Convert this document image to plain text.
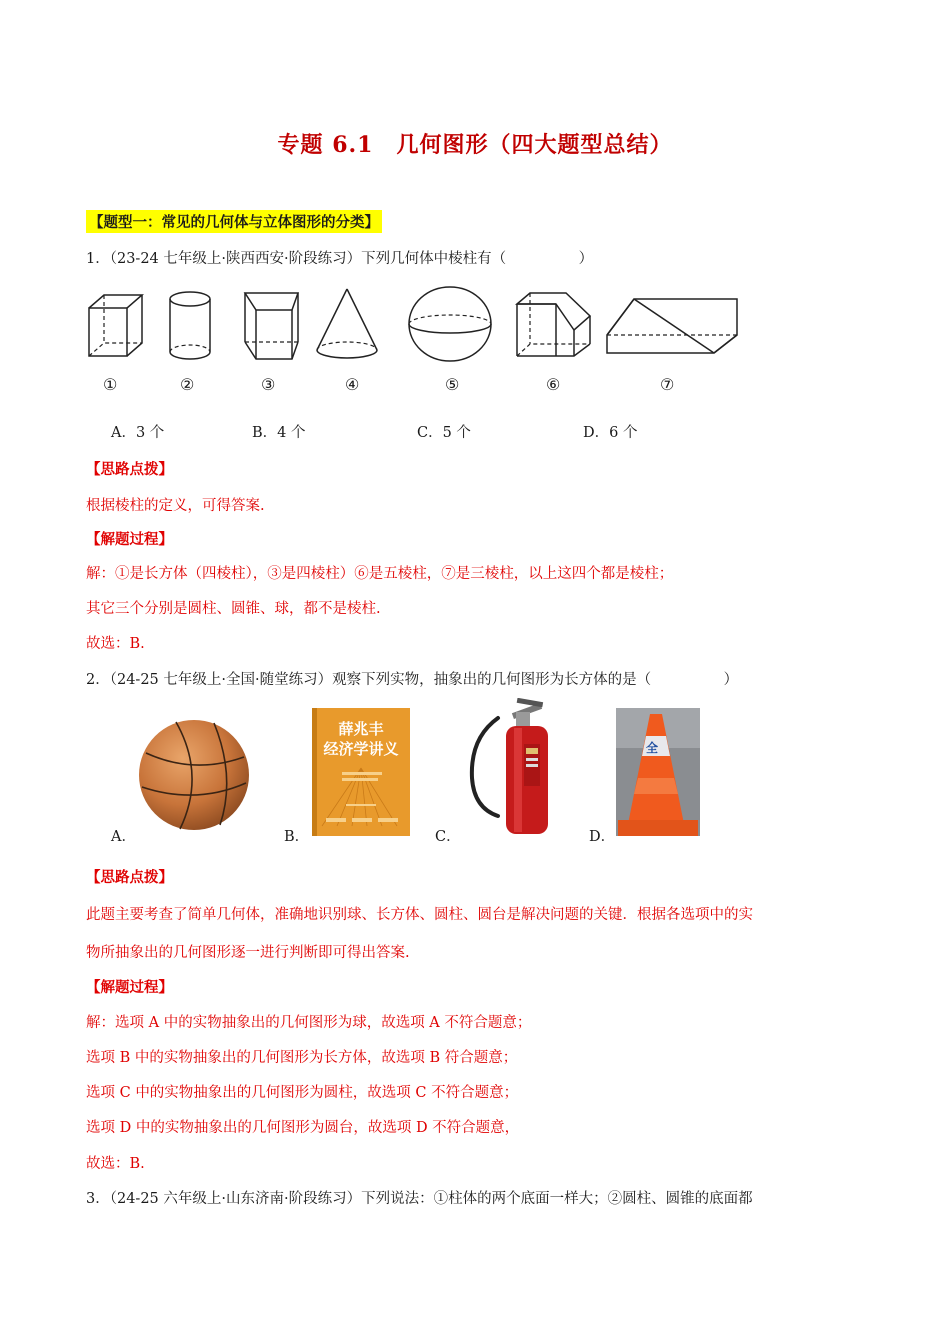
专题 6.1　几何图形（四大题型总结）
【题型一：常见的几何体与立体图形的分类】
1．（23-24 七年级上·陕西西安·阶段练习）下列几何体中棱柱有（　　　　　）
①	②	③	④	⑤	⑥	⑦
A．3 个	B．4 个	C．5 个	D．6 个
【思路点拨】
根据棱柱的定义，可得答案.
【解题过程】
解：①是长方体（四棱柱），③是四棱柱）⑥是五棱柱，⑦是三棱柱，以上这四个都是棱柱；
其它三个分别是圆柱、圆锥、球，都不是棱柱.
故选：B.
2．（24-25 七年级上·全国·随堂练习）观察下列实物，抽象出的几何图形为长方体的是（　　　　　）
薛兆丰
经济学讲义	全
A．	B．	C．	D．
【思路点拨】
此题主要考查了简单几何体，准确地识别球、长方体、圆柱、圆台是解决问题的关键．根据各选项中的实
物所抽象出的几何图形逐一进行判断即可得出答案.
【解题过程】
解：选项 A 中的实物抽象出的几何图形为球，故选项 A 不符合题意；
选项 B 中的实物抽象出的几何图形为长方体，故选项 B 符合题意；
选项 C 中的实物抽象出的几何图形为圆柱，故选项 C 不符合题意；
选项 D 中的实物抽象出的几何图形为圆台，故选项 D 不符合题意，
故选：B.
3．（24-25 六年级上·山东济南·阶段练习）下列说法：①柱体的两个底面一样大；②圆柱、圆锥的底面都
